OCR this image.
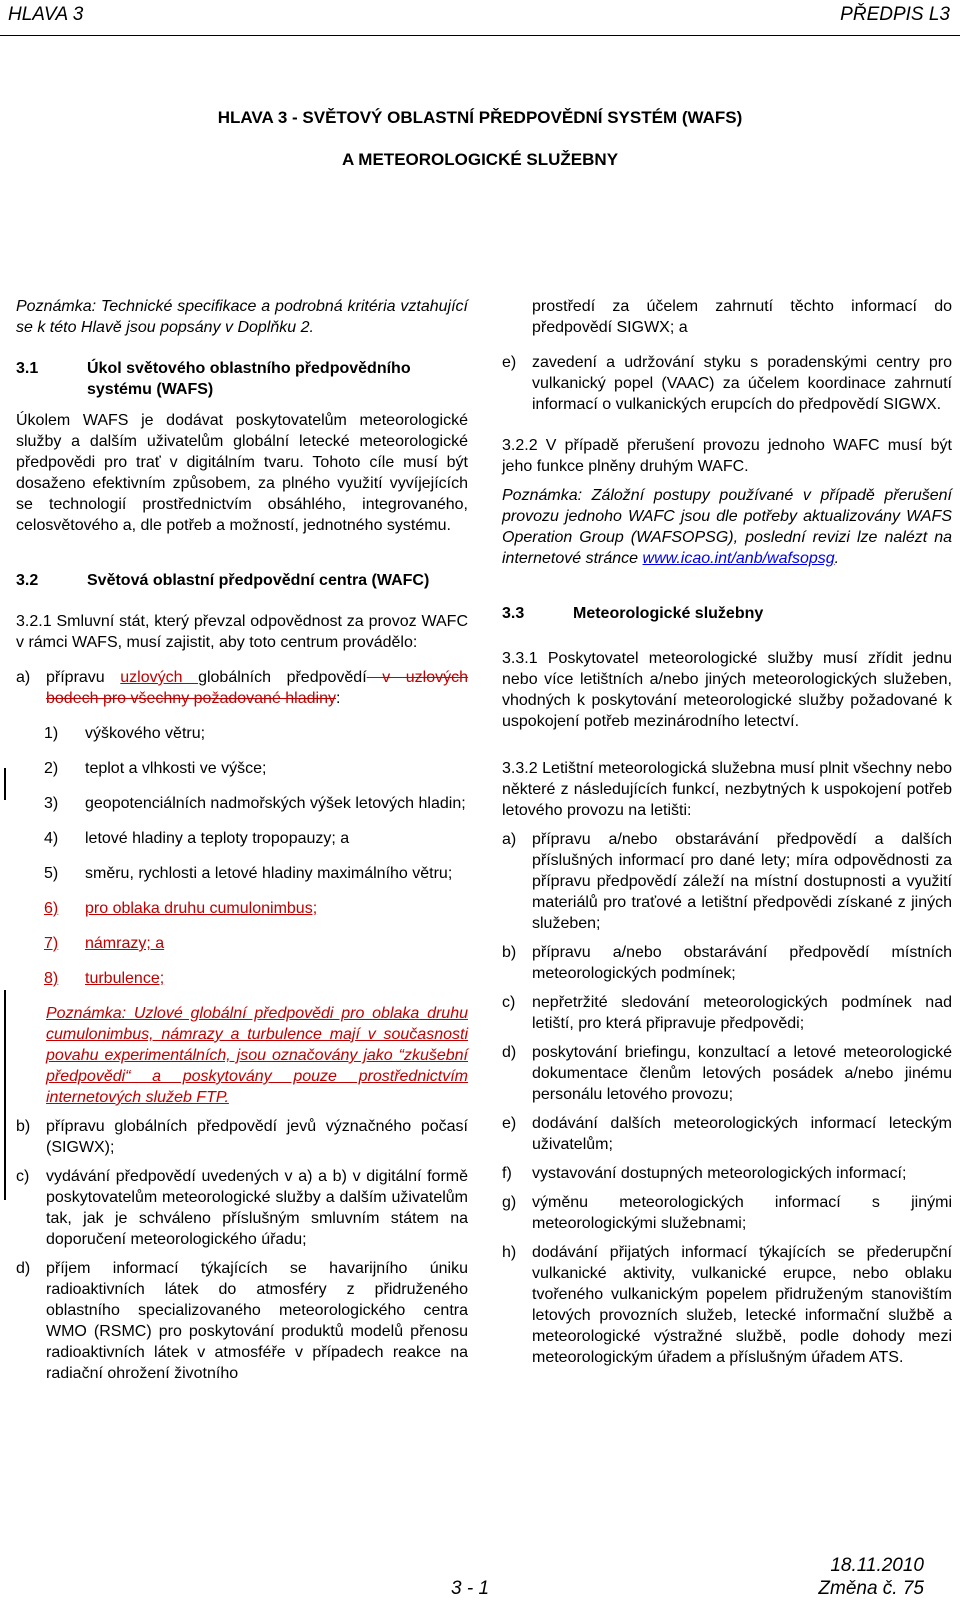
HLAVA 3	PŘEDPIS L3
HLAVA 3 - SVĚTOVÝ OBLASTNÍ PŘEDPOVĚDNÍ SYSTÉM (WAFS)
A METEOROLOGICKÉ SLUŽEBNY

Poznámka: Technické specifikace a podrobná kritéria vztahující se k této Hlavě jsou popsány v Doplňku 2.

3.1	Úkol světového oblastního předpovědního systému (WAFS)

Úkolem WAFS je dodávat poskytovatelům meteorologické služby a dalším uživatelům globální letecké meteorologické předpovědi pro trať v digitálním tvaru. Tohoto cíle musí být dosaženo efektivním způsobem, za plného využití vyvíjejících se technologií prostřednictvím obsáhlého, integrovaného, celosvětového a, dle potřeb a možností, jednotného systému.

3.2	Světová oblastní předpovědní centra (WAFC)

3.2.1 Smluvní stát, který převzal odpovědnost za provoz WAFC v rámci WAFS, musí zajistit, aby toto centrum provádělo:

a) přípravu uzlových globálních předpovědí v uzlových bodech pro všechny požadované hladiny:
1)	výškového větru;
2)	teplot a vlhkosti ve výšce;
3)	geopotenciálních nadmořských výšek letových hladin;
4)	letové hladiny a teploty tropopauzy; a
5)	směru, rychlosti a letové hladiny maximálního větru;
6)	pro oblaka druhu cumulonimbus;
7)	námrazy; a
8)	turbulence;
Poznámka: Uzlové globální předpovědi pro oblaka druhu cumulonimbus, námrazy a turbulence mají v současnosti povahu experimentálních, jsou označovány jako “zkušební předpovědi“ a poskytovány pouze prostřednictvím internetových služeb FTP.
b) přípravu globálních předpovědí jevů význačného počasí (SIGWX);
c)	vydávání předpovědí uvedených v a) a b) v digitální formě poskytovatelům meteorologické služby a dalším uživatelům tak, jak je schváleno příslušným smluvním státem na doporučení meteorologického úřadu;
d) příjem informací týkajících se havarijního úniku radioaktivních látek do atmosféry z přidruženého oblastního specializovaného meteorologického centra WMO (RSMC) pro poskytování produktů modelů přenosu radioaktivních látek v atmosféře v případech reakce na radiační ohrožení životního
prostředí za účelem zahrnutí těchto informací do předpovědí SIGWX; a
e) zavedení a udržování styku s poradenskými centry pro vulkanický popel (VAAC) za účelem koordinace zahrnutí informací o vulkanických erupcích do předpovědí SIGWX.

3.2.2 V případě přerušení provozu jednoho WAFC musí být jeho funkce plněny druhým WAFC.

Poznámka: Záložní postupy používané v případě přerušení provozu jednoho WAFC jsou dle potřeby aktualizovány WAFS Operation Group (WAFSOPSG), poslední revizi lze nalézt na internetové stránce www.icao.int/anb/wafsopsg.

3.3	Meteorologické služebny

3.3.1 Poskytovatel meteorologické služby musí zřídit jednu nebo více letištních a/nebo jiných meteorologických služeben, vhodných k poskytování meteorologické služby požadované k uspokojení potřeb mezinárodního letectví.

3.3.2 Letištní meteorologická služebna musí plnit všechny nebo některé z následujících funkcí, nezbytných k uspokojení potřeb letového provozu na letišti:

a) přípravu a/nebo obstarávání předpovědí a dalších příslušných informací pro dané lety; míra odpovědnosti za přípravu předpovědí záleží na místní dostupnosti a využití materiálů pro traťové a letištní předpovědi získané z jiných služeben;
b) přípravu a/nebo obstarávání předpovědí místních meteorologických podmínek;
c)	nepřetržité sledování meteorologických podmínek nad letiští, pro která připravuje předpovědi;
d) poskytování briefingu, konzultací a letové meteorologické dokumentace členům letových posádek a/nebo jinému personálu letového provozu;
e) dodávání dalších meteorologických informací leteckým uživatelům;
f)	vystavování dostupných meteorologických informací;
g) výměnu meteorologických informací s jinými meteorologickými služebnami;
h) dodávání přijatých informací týkajících se přederupční vulkanické aktivity, vulkanické erupce, nebo oblaku tvořeného vulkanickým popelem přidruženým stanovištím letových provozních služeb, letecké informační službě a meteorologické výstražné službě, podle dohody mezi meteorologickým úřadem a příslušným úřadem ATS.
3 - 1
18.11.2010
Změna č. 75
